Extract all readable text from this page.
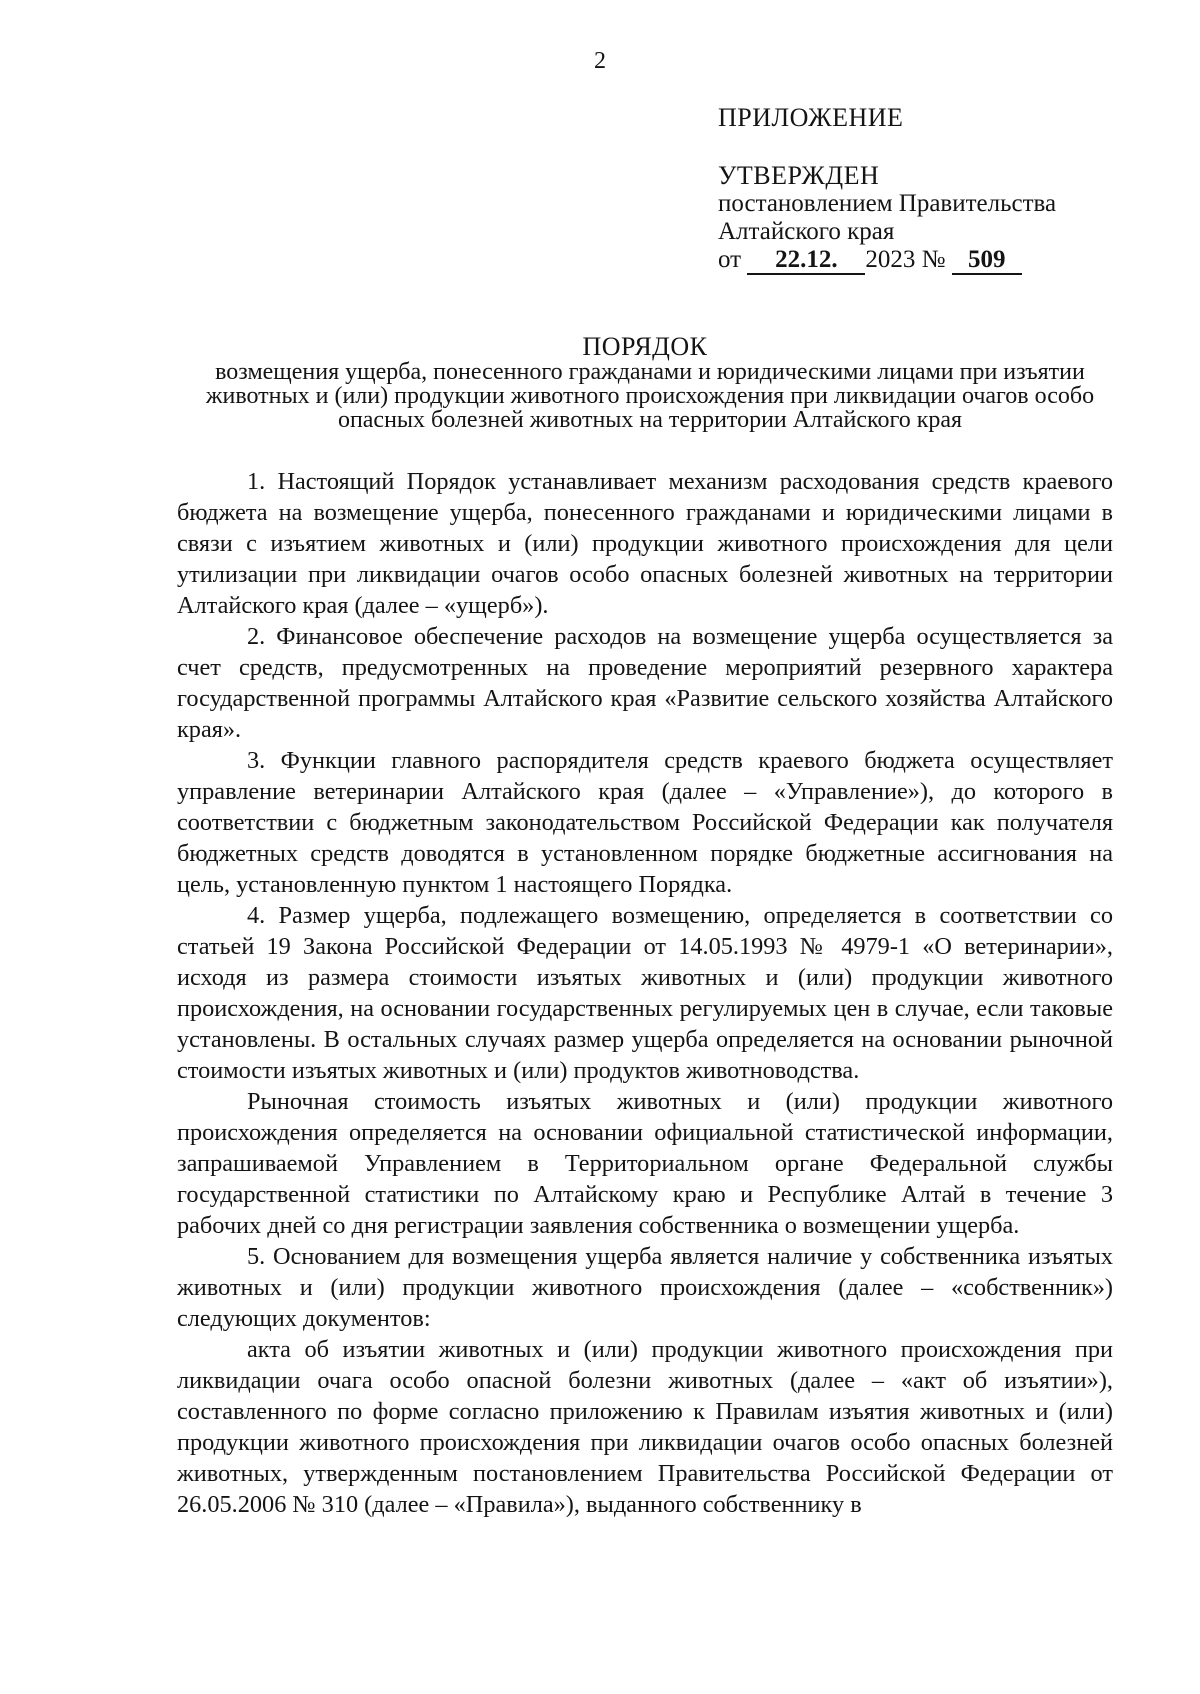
2
ПРИЛОЖЕНИЕ
УТВЕРЖДЕН
постановлением Правительства
Алтайского края
от 22.12. 2023 № 509
ПОРЯДОК
возмещения ущерба, понесенного гражданами и юридическими лицами при изъятии животных и (или) продукции животного происхождения при ликвидации очагов особо опасных болезней животных на территории Алтайского края

1. Настоящий Порядок устанавливает механизм расходования средств краевого бюджета на возмещение ущерба, понесенного гражданами и юридическими лицами в связи с изъятием животных и (или) продукции животного происхождения для цели утилизации при ликвидации очагов особо опасных болезней животных на территории Алтайского края (далее – «ущерб»).

2. Финансовое обеспечение расходов на возмещение ущерба осуществляется за счет средств, предусмотренных на проведение мероприятий резервного характера государственной программы Алтайского края «Развитие сельского хозяйства Алтайского края».

3. Функции главного распорядителя средств краевого бюджета осуществляет управление ветеринарии Алтайского края (далее – «Управление»), до которого в соответствии с бюджетным законодательством Российской Федерации как получателя бюджетных средств доводятся в установленном порядке бюджетные ассигнования на цель, установленную пунктом 1 настоящего Порядка.

4. Размер ущерба, подлежащего возмещению, определяется в соответствии со статьей 19 Закона Российской Федерации от 14.05.1993 № 4979-1 «О ветеринарии», исходя из размера стоимости изъятых животных и (или) продукции животного происхождения, на основании государственных регулируемых цен в случае, если таковые установлены. В остальных случаях размер ущерба определяется на основании рыночной стоимости изъятых животных и (или) продуктов животноводства.

Рыночная стоимость изъятых животных и (или) продукции животного происхождения определяется на основании официальной статистической информации, запрашиваемой Управлением в Территориальном органе Федеральной службы государственной статистики по Алтайскому краю и Республике Алтай в течение 3 рабочих дней со дня регистрации заявления собственника о возмещении ущерба.

5. Основанием для возмещения ущерба является наличие у собственника изъятых животных и (или) продукции животного происхождения (далее – «собственник») следующих документов:

акта об изъятии животных и (или) продукции животного происхождения при ликвидации очага особо опасной болезни животных (далее – «акт об изъятии»), составленного по форме согласно приложению к Правилам изъятия животных и (или) продукции животного происхождения при ликвидации очагов особо опасных болезней животных, утвержденным постановлением Правительства Российской Федерации от 26.05.2006 № 310 (далее – «Правила»), выданного собственнику в
